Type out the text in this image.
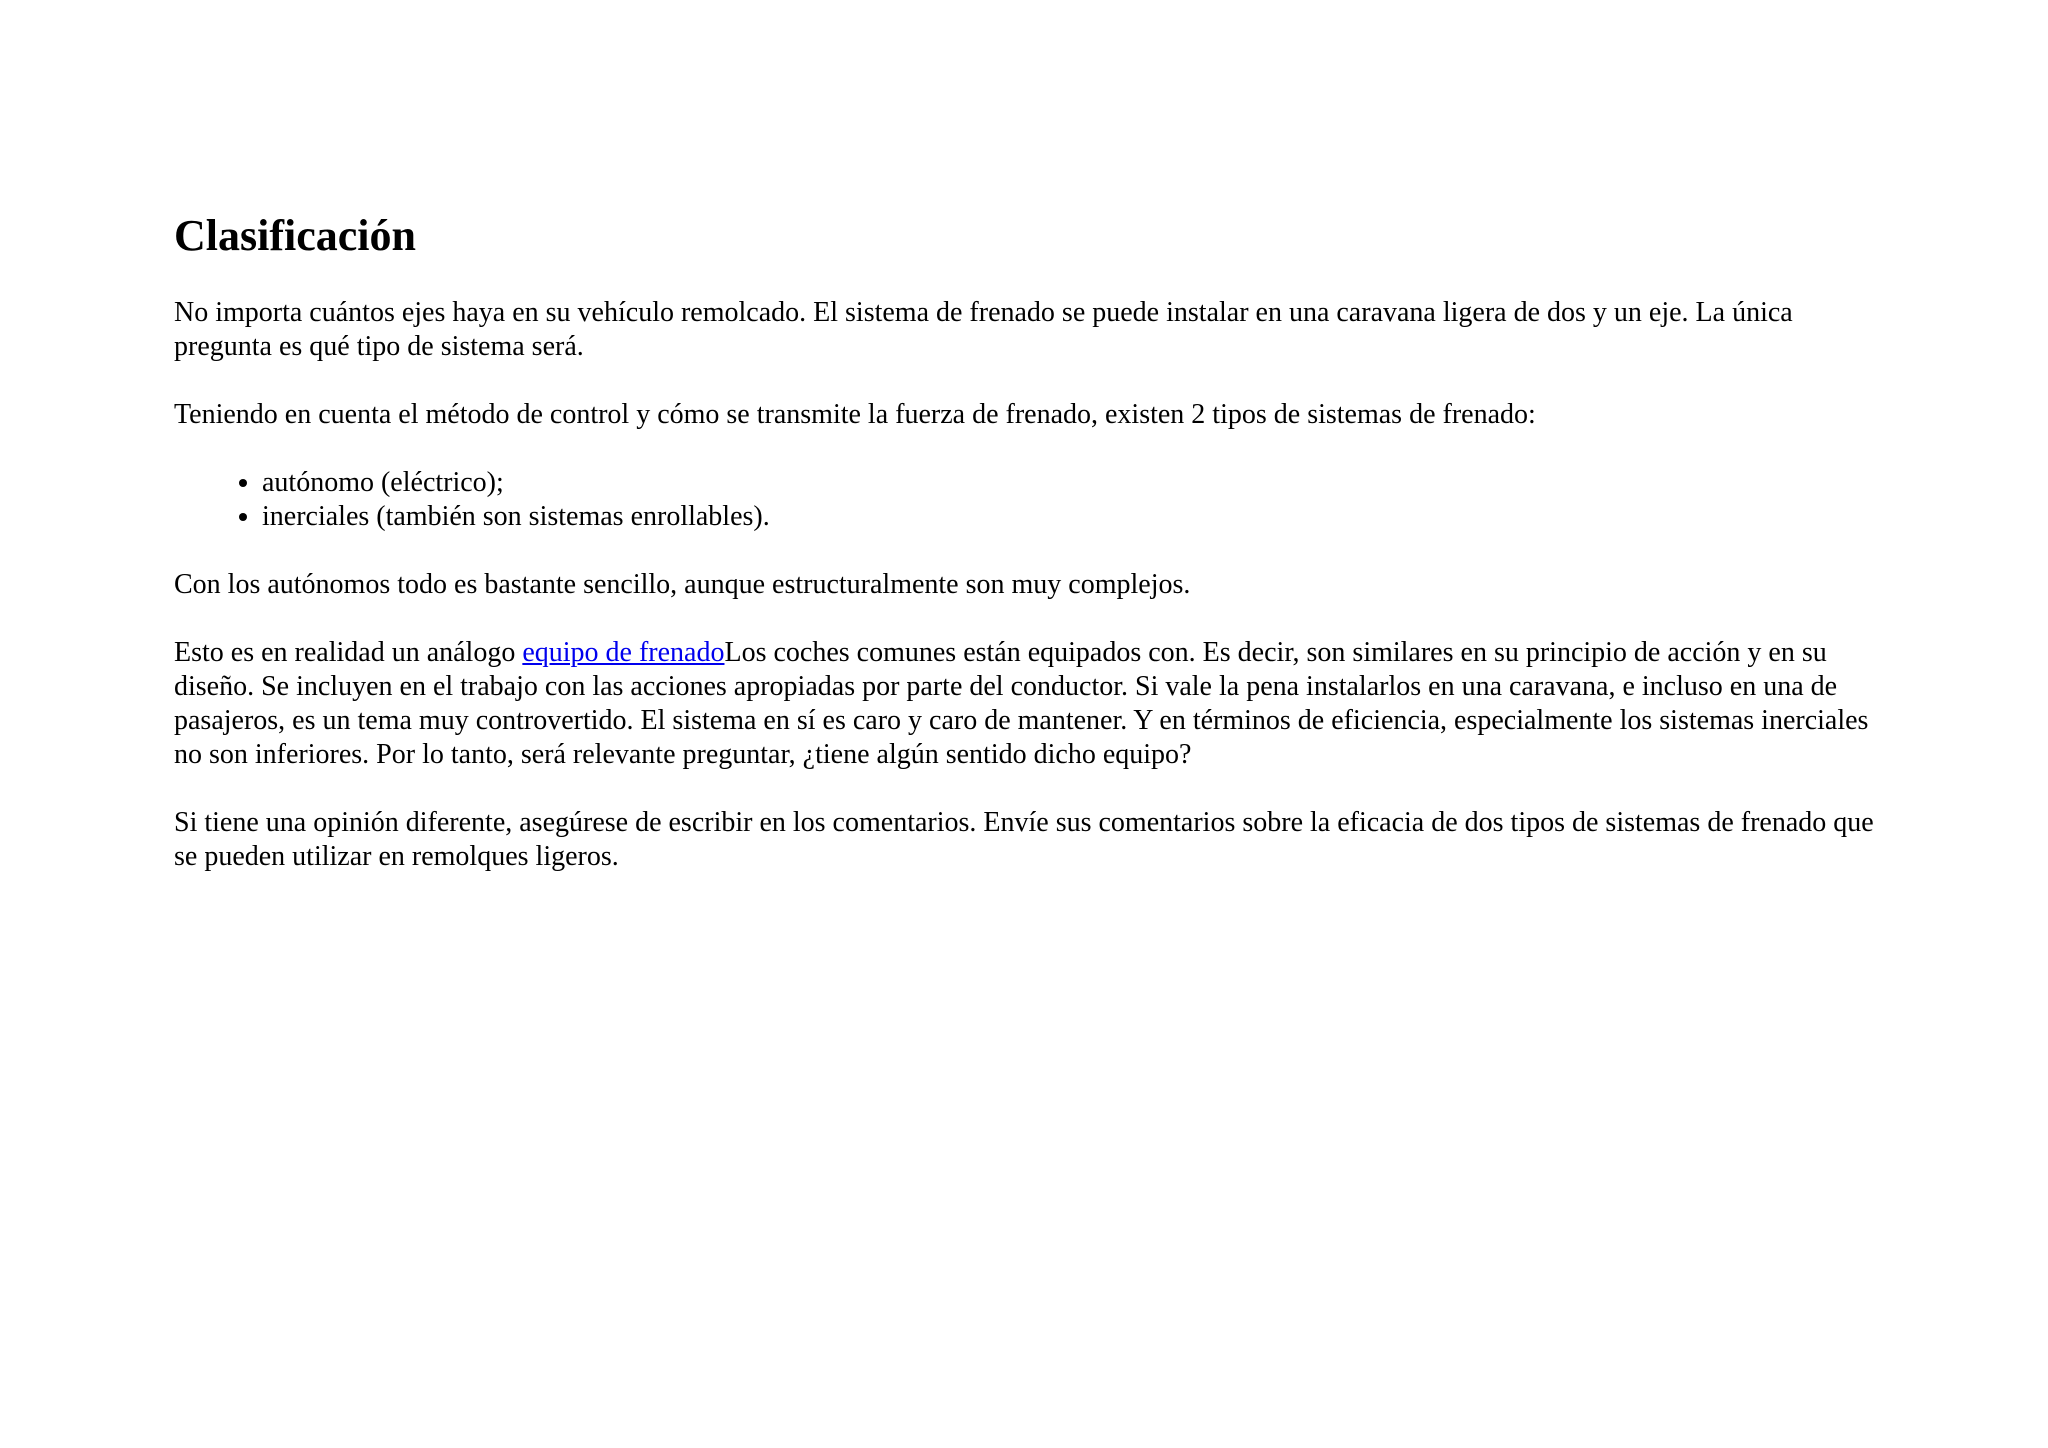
Clasificación

No importa cuántos ejes haya en su vehículo remolcado. El sistema de frenado se puede instalar en una caravana ligera de dos y un eje. La única pregunta es qué tipo de sistema será.

Teniendo en cuenta el método de control y cómo se transmite la fuerza de frenado, existen 2 tipos de sistemas de frenado:

• autónomo (eléctrico);
• inerciales (también son sistemas enrollables).

Con los autónomos todo es bastante sencillo, aunque estructuralmente son muy complejos.

Esto es en realidad un análogo equipo de frenadoLos coches comunes están equipados con. Es decir, son similares en su principio de acción y en su diseño. Se incluyen en el trabajo con las acciones apropiadas por parte del conductor. Si vale la pena instalarlos en una caravana, e incluso en una de pasajeros, es un tema muy controvertido. El sistema en sí es caro y caro de mantener. Y en términos de eficiencia, especialmente los sistemas inerciales no son inferiores. Por lo tanto, será relevante preguntar, ¿tiene algún sentido dicho equipo?

Si tiene una opinión diferente, asegúrese de escribir en los comentarios. Envíe sus comentarios sobre la eficacia de dos tipos de sistemas de frenado que se pueden utilizar en remolques ligeros.
